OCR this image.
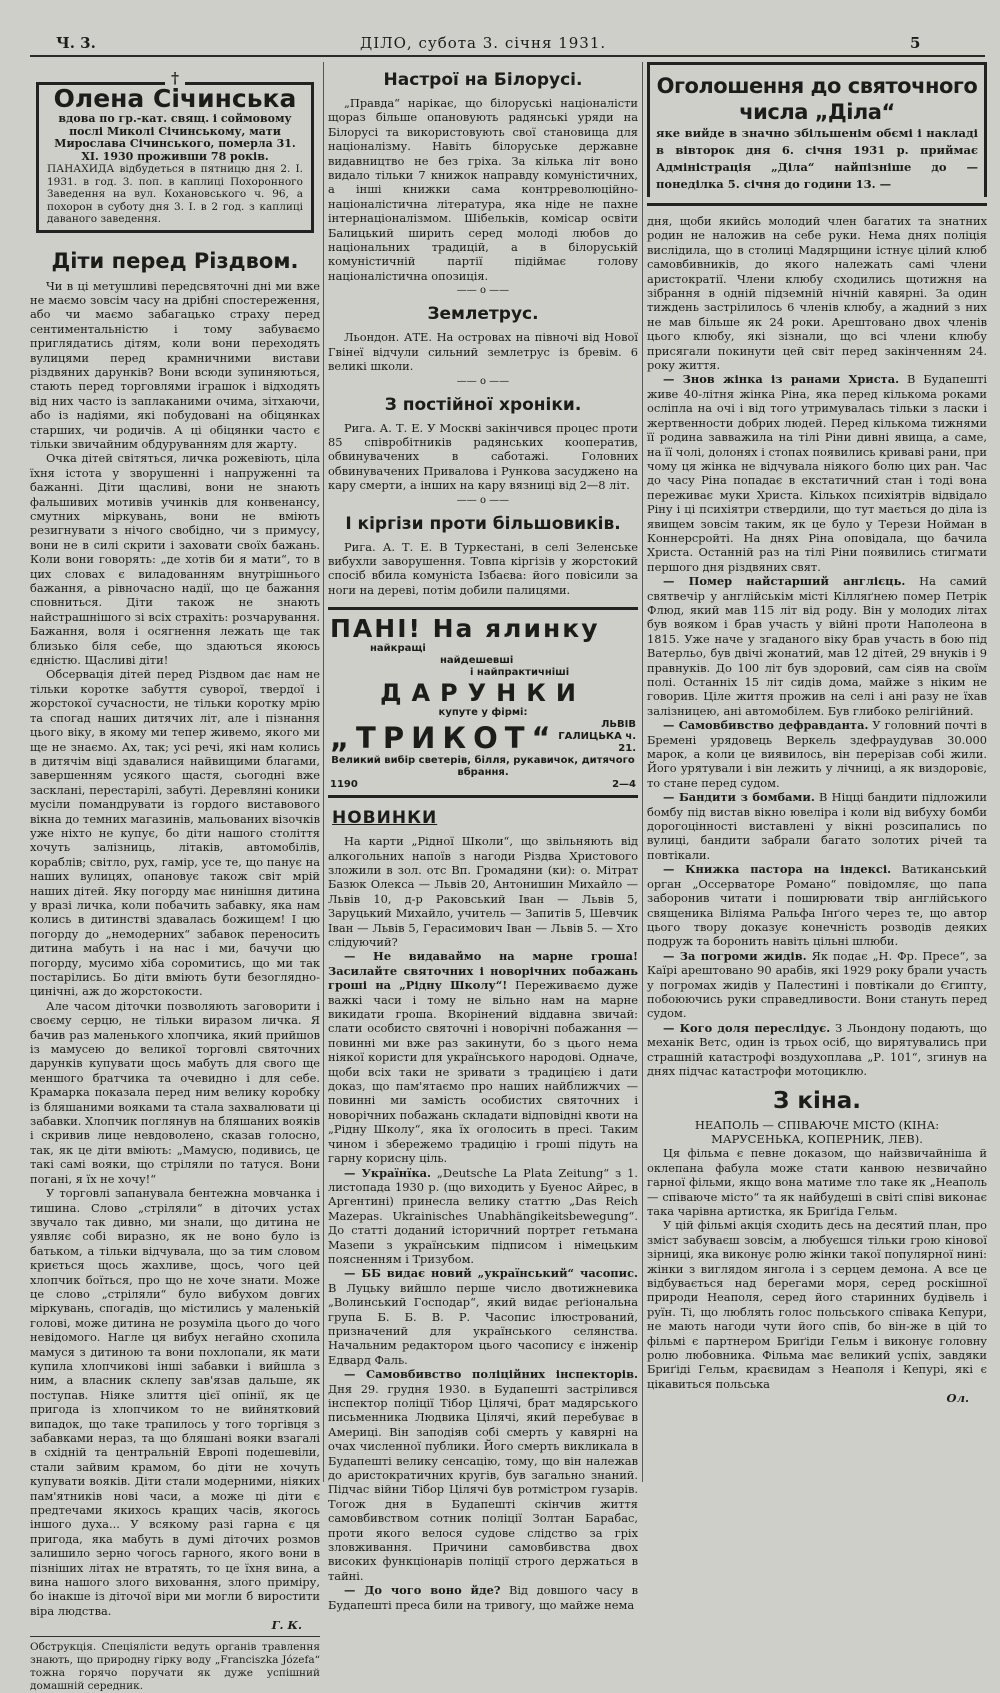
Ч. 3.	ДІЛО, субота 3. січня 1931.	5
†
Олена Січинська

вдова по гр.-кат. свящ. і соймовому послі Миколі Січинському, мати Мирослава Січинського, померла 31. XI. 1930 проживши 78 років.

ПАНАХИДА відбудеться в пятницю дня 2. І. 1931. в год. 3. поп. в каплиці Похоронного Заведення на вул. Кохановського ч. 96, а похорон в суботу дня 3. І. в 2 год. з каплиці даваного заведення.

Діти перед Різдвом.

Чи в ці метушливі передсвяточні дні ми вже не маємо зовсім часу на дрібні спостереження, або чи маємо забагацько страху перед сентиментальністю і тому забуваємо приглядатись дітям, коли вони переходять вулицями перед крамничними вистави різдвяних дарунків? Вони всюди зупиняються, стають перед торговлями іграшок і відходять від них часто із заплаканими очима, зітхаючи, або із надіями, які побудовані на обіцянках старших, чи родичів. А ці обіцянки часто є тільки звичайним обдуруванням для жарту.

Очка дітей світяться, личка рожевіють, ціла їхня істота у зворушенні і напруженні та бажанні. Діти щасливі, вони не знають фальшивих мотивів учинків для конвенансу, смутних міркувань, вони не вміють резигнувати з нічого свобідно, чи з примусу, вони не в силі скрити і заховати своїх бажань. Коли вони говорять: „де хотів би я мати“, то в цих словах є виладованням внутрішнього бажання, а рівночасно надії, що це бажання сповниться. Діти також не знають найстрашнішого зі всіх страхіть: розчарування. Бажання, воля і осягнення лежать ще так близько біля себе, що здаються якоюсь єдністю. Щасливі діти!

Обсервація дітей перед Різдвом дає нам не тільки коротке забуття суворої, твердої і жорстокої сучасности, не тільки коротку мрію та спогад наших дитячих літ, але і пізнання цього віку, в якому ми тепер живемо, якого ми ще не знаємо. Ах, так; усі речі, які нам колись в дитячім віці здавалися найвищими благами, завершенням усякого щастя, сьогодні вже засклані, перестарілі, забуті. Деревляні коники мусіли помандрувати із гордого виставового вікна до темних магазинів, мальованих візочків уже ніхто не купує, бо діти нашого століття хочуть залізниць, літаків, автомобілів, кораблів; світло, рух, гамір, усе те, що панує на наших вулицях, опановує також світ мрій наших дітей. Яку погорду має нинішня дитина у вразі личка, коли побачить забавку, яка нам колись в дитинстві здавалась божищем! І цю погорду до „немодерних“ забавок переносить дитина мабуть і на нас і ми, бачучи цю погорду, мусимо хіба соромитись, що ми так постарілись. Бо діти вміють бути безоглядно-цинічні, аж до жорстокости.

Але часом діточки позволяють заговорити і своєму серцю, не тільки виразом личка. Я бачив раз маленького хлопчика, який прийшов із мамусею до великої торговлі святочних дарунків купувати щось мабуть для свого ще меншого братчика та очевидно і для себе. Крамарка показала перед ним велику коробку із бляшаними вояками та стала захвалювати ці забавки. Хлопчик поглянув на бляшаних вояків і скривив лице невдоволено, сказав голосно, так, як це діти вміють: „Мамусю, подивись, це такі самі вояки, що стріляли по татуся. Вони погані, я їх не хочу!“

У торговлі запанувала бентежна мовчанка і тишина. Слово „стріляли“ в діточих устах звучало так дивно, ми знали, що дитина не уявляє собі виразно, як не воно було із батьком, а тільки відчувала, що за тим словом криється щось жахливе, щось, чого цей хлопчик боїться, про що не хоче знати. Може це слово „стріляли“ було вибухом довгих міркувань, спогадів, що містились у маленькій голові, може дитина не розуміла цього до чого невідомого. Нагле ця вибух негайно схопила мамуся з дитиною та вони похлопали, як мати купила хлопчикові інші забавки і вийшла з ним, а власник склепу зав'язав дальше, як поступав. Ніяке злиття цієї опінії, як це пригода із хлопчиком то не вийнятковий випадок, що таке трапилось у того торгівця з забавками нераз, та що бляшані вояки взагалі в східній та центральній Европі подешевіли, стали зайвим крамом, бо діти не хочуть купувати вояків. Діти стали модерними, ніяких пам'ятників нові часи, а може ці діти є предтечами якихось кращих часів, якогось іншого духа... У всякому разі гарна є ця пригода, яка мабуть в думі діточих розмов залишило зерно чогось гарного, якого вони в пізніших літах не втратять, то це їхня вина, а вина нашого злого виховання, злого приміру, бо інакше із діточої віри ми могли б виростити віра людства.

Г. К.

Обструкція. Спеціялісти ведуть органів травлення знають, що природну гірку воду „Franciszka Józefa“ тожна горячо поручати як дуже успішний домашній середник.

Настрої на Білорусі.

„Правда“ нарікає, що білоруські націоналісти щораз більше опановують радянські уряди на Білорусі та використовують свої становища для націоналізму. Навіть білоруське державне видавництво не без гріха. За кілька літ воно видало тільки 7 книжок направду комуністичних, а інші книжки сама контрреволюційно-націоналістична література, яка ніде не пахне інтернаціоналізмом. Шібельків, комісар освіти Балицький ширить серед молоді любов до національних традицій, а в білоруській комуністичній партії підіймає голову націоналістична опозиція.

—— o ——
Землетрус.

Льондон. АТЕ. На островах на півночі від Нової Гвінеї відчули сильний землетрус із бревім. 6 великі школи.

—— o ——
З постійної хроніки.

Рига. А. Т. Е. У Москві закінчився процес проти 85 співробітників радянських кооператив, обвинувачених в саботажі. Головних обвинувачених Привалова і Рункова засуджено на кару смерти, а інших на кару вязниці від 2—8 літ.

—— o ——
І кіргізи проти більшовиків.

Рига. А. Т. Е. В Туркестані, в селі Зеленське вибухли заворушення. Товпа кіргізів у жорстокий спосіб вбила комуніста Ізбаєва: його повісили за ноги на дереві, потім добили палицями.

ПАНІ! На ялинку
найкращі
найдешевші
і найпрактичніші
ДАРУНКИ
купуте у фірмі:
„ТРИКОТ“	ЛЬВІВ
ГАЛИЦЬКА ч. 21.
Великий вибір светерів, білля, рукавичок, дитячого вбрання.
1190	2—4
НОВИНКИ

На карти „Рідної Школи“, що звільняють від алкогольних напоїв з нагоди Різдва Христового зложили в зол. отс Вп. Громадяни (ки): о. Мітрат Базюк Олекса — Львів 20, Антонишин Михайло — Львів 10, д-р Раковський Іван — Львів 5, Заруцький Михайло, учитель — Запитів 5, Шевчик Іван — Львів 5, Герасимович Іван — Львів 5. — Хто слідуючий?

— Не видаваймо на марне гроша! Засилайте святочних і новорічних побажань гроші на „Рідну Школу“! Переживаємо дуже важкі часи і тому не вільно нам на марне викидати гроша. Вкорінений віддавна звичай: слати особисто святочні і новорічні побажання — повинні ми вже раз закинути, бо з цього нема ніякої користи для українського народові. Одначе, щоби всіх таки не зривати з традицією і дати доказ, що пам'ятаємо про наших найближчих — повинні ми замість особистих святочних і новорічних побажань складати відповідні квоти на „Рідну Школу“, яка їх оголосить в пресі. Таким чином і збережемо традицію і гроші підуть на гарну корисну ціль.

— Українїка. „Deutsche La Plata Zeitung“ з 1. листопада 1930 р. (що виходить у Буенос Айрес, в Аргентині) принесла велику статтю „Das Reich Mazepas. Ukrainisches Unabhängikeitsbewegung“. До статті доданий історичний портрет гетьмана Мазепи з українським підписом і німецьким поясненням і Тризубом.

— ББ видає новий „український“ часопис. В Луцьку вийшло перше число двотижневика „Волинський Господар“, який видає реґіональна група Б. Б. В. Р. Часопис ілюстрований, призначений для українського селянства. Начальним редактором цього часопису є інженір Едвард Фаль.

— Самовбивство поліційних інспекторів. Дня 29. грудня 1930. в Будапешті застрілився інспектор поліції Тібор Цілячі, брат мадярського письменника Людвика Цілячі, який перебуває в Америці. Він заподіяв собі смерть у кавярні на очах численної публики. Його смерть викликала в Будапешті велику сенсацію, тому, що він належав до аристократичних кругів, був загально знаний. Підчас війни Тібор Цілячі був ротмістром гузарів. Тогож дня в Будапешті скінчив життя самовбивством сотник поліції Золтан Барабас, проти якого велося судове слідство за гріх зловживання. Причини самовбивства двох високих функціонарів поліції строго держаться в тайні.

— До чого воно йде? Від довшого часу в Будапешті преса били на тривогу, що майже нема

Оголошення до святочного числа „Діла“

яке вийде в значно збільшенім обємі і накладі в вівторок дня 6. січня 1931 р. приймає Адміністрація „Діла“ найпізніше до — понеділка 5. січня до години 13. —

дня, щоби якийсь молодий член багатих та знатних родин не наложив на себе руки. Нема днях поліція вислідила, що в столиці Мадярщини істнує цілий клюб самовбивників, до якого належать самі члени аристократії. Члени клюбу сходились щотижня на зібрання в одній підземній нічній кавярні. За один тиждень застрілилось 6 членів клюбу, а жадний з них не мав більше як 24 роки. Арештовано двох членів цього клюбу, які зізнали, що всі члени клюбу присягали покинути цей світ перед закінченням 24. року життя.

— Знов жінка із ранами Христа. В Будапешті живе 40-літня жінка Ріна, яка перед кількома роками осліпла на очі і від того утримувалась тільки з ласки і жертвенности добрих людей. Перед кількома тижнями її родина завважила на тілі Ріни дивні явища, а саме, на її чолі, долонях і стопах появились криваві рани, при чому ця жінка не відчувала ніякого болю цих ран. Час до часу Ріна попадає в екстатичний стан і тоді вона переживає муки Христа. Кількох психіятрів відвідало Ріну і ці психіятри ствердили, що тут мається до діла із явищем зовсім таким, як це було у Терези Нойман в Коннерсройті. На днях Ріна оповідала, що бачила Христа. Останній раз на тілі Ріни появились стигмати першого дня різдвяних свят.

— Помер найстарший англієць. На самий святвечір у англійськім місті Кілляґнею помер Петрік Флюд, який мав 115 літ від роду. Він у молодих літах був вояком і брав участь у війні проти Наполеона в 1815. Уже наче у згаданого віку брав участь в бою під Ватерльо, був двічі жонатий, мав 12 дітей, 29 внуків і 9 правнуків. До 100 літ був здоровий, сам сіяв на своїм полі. Останніх 15 літ сидів дома, майже з ніким не говорив. Ціле життя прожив на селі і ані разу не їхав залізницею, ані автомобілем. Був глибоко релігійний.

— Самовбивство дефравданта. У головний почті в Бремені урядовець Веркель здефраудував 30.000 марок, а коли це виявилось, він перерізав собі жили. Його урятували і він лежить у лічниці, а як виздоровіє, то стане перед судом.

— Бандити з бомбами. В Ніцці бандити підложили бомбу під вистав вікно ювеліра і коли від вибуху бомби дорогоцінності виставлені у вікні розсипались по вулиці, бандити забрали багато золотих річей та повтікали.

— Книжка пастора на індексі. Ватиканський орган „Оссерваторе Романо“ повідомляє, що папа заборонив читати і поширювати твір англійського священика Віліяма Ральфа Інґого через те, що автор цього твору доказує конечність розводів деяких подруж та боронить навіть цільні шлюби.

— За погроми жидів. Як подає „Н. Фр. Пресе“, за Каїрі арештовано 90 арабів, які 1929 року брали участь у погромах жидів у Палестині і повтікали до Єгипту, побоюючись руки справедливости. Вони стануть перед судом.

— Кого доля переслідує. З Льондону подають, що механік Ветс, один із трьох осіб, що вирятувались при страшній катастрофі воздухоплава „Р. 101“, згинув на днях підчас катастрофи мотоциклю.

З кіна.

НЕАПОЛЬ — СПІВАЮЧЕ МІСТО (КІНА: МАРУСЕНЬКА, КОПЕРНИК, ЛЕВ).

Ця фільма є певне доказом, що найзвичайніша й оклепана фабула може стати канвою незвичайно гарної фільми, якщо вона матиме тло таке як „Неаполь — співаюче місто“ та як найбудеші в світі співі виконає така чарівна артистка, як Бриґіда Гельм.

У цій фільмі акція сходить десь на десятий план, про зміст забуваєш зовсім, а любуєшся тільки грою кінової зірниці, яка виконує ролю жінки такої популярної нині: жінки з виглядом янгола і з серцем демона. А все це відбувається над берегами моря, серед роскішної природи Неаполя, серед його старинних будівель і руїн. Ті, що люблять голос польського співака Кепури, не мають нагоди чути його спів, бо він-же в цій то фільмі є партнером Бриґіди Гельм і виконує головну ролю любовника. Фільма має великий успіх, завдяки Бриґіді Гельм, краєвидам з Неаполя і Кепурі, які є цікавиться польська

Ол.
